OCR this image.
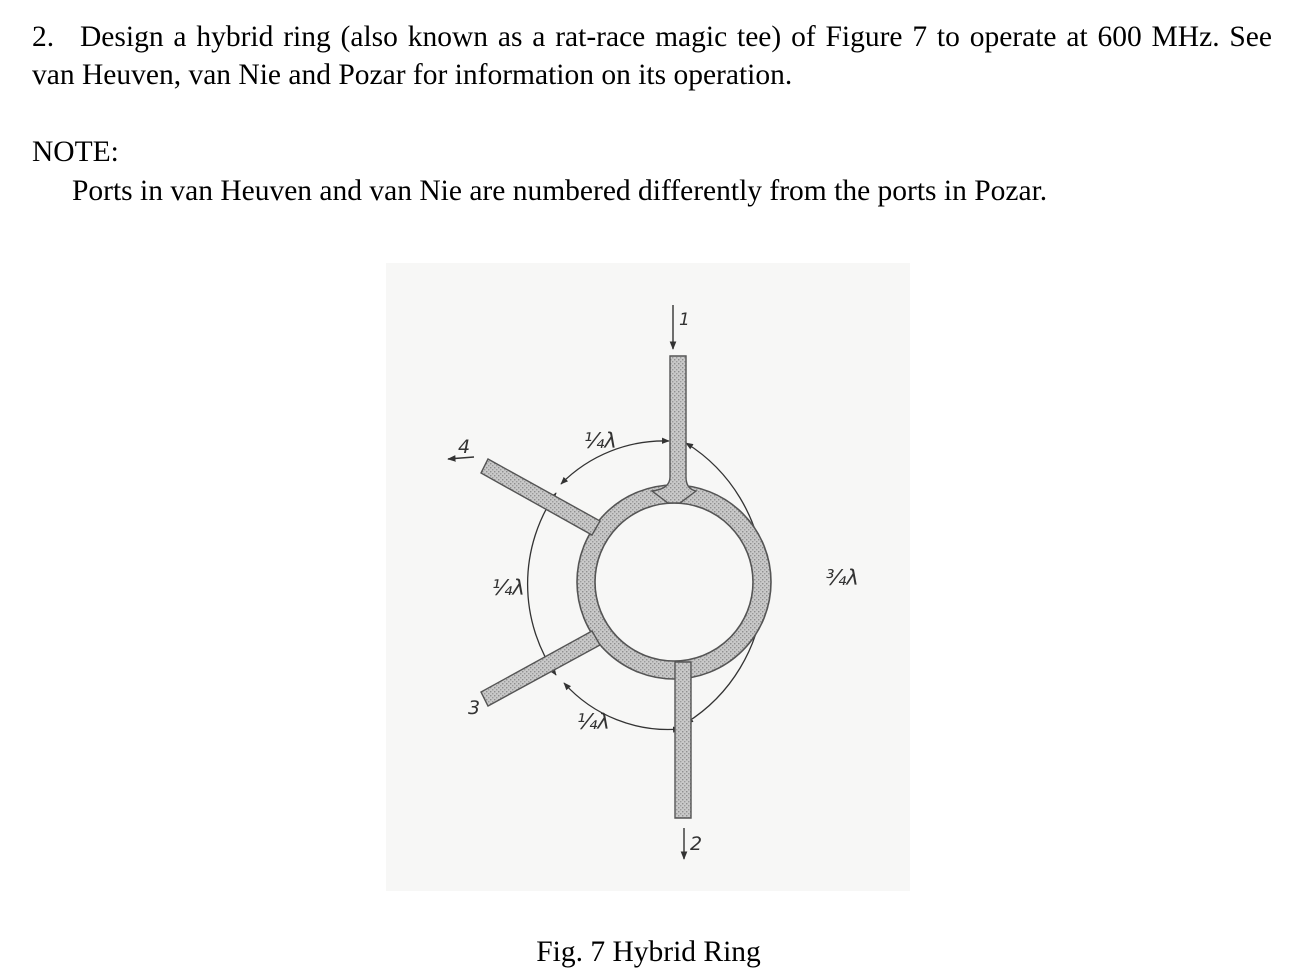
2. Design a hybrid ring (also known as a rat-race magic tee) of Figure 7 to operate at 600 MHz. See van Heuven, van Nie and Pozar for information on its operation.
NOTE:
Ports in van Heuven and van Nie are numbered differently from the ports in Pozar.
1
2
3
4	¼λ
¼λ
¼λ
¾λ
Fig. 7 Hybrid Ring
